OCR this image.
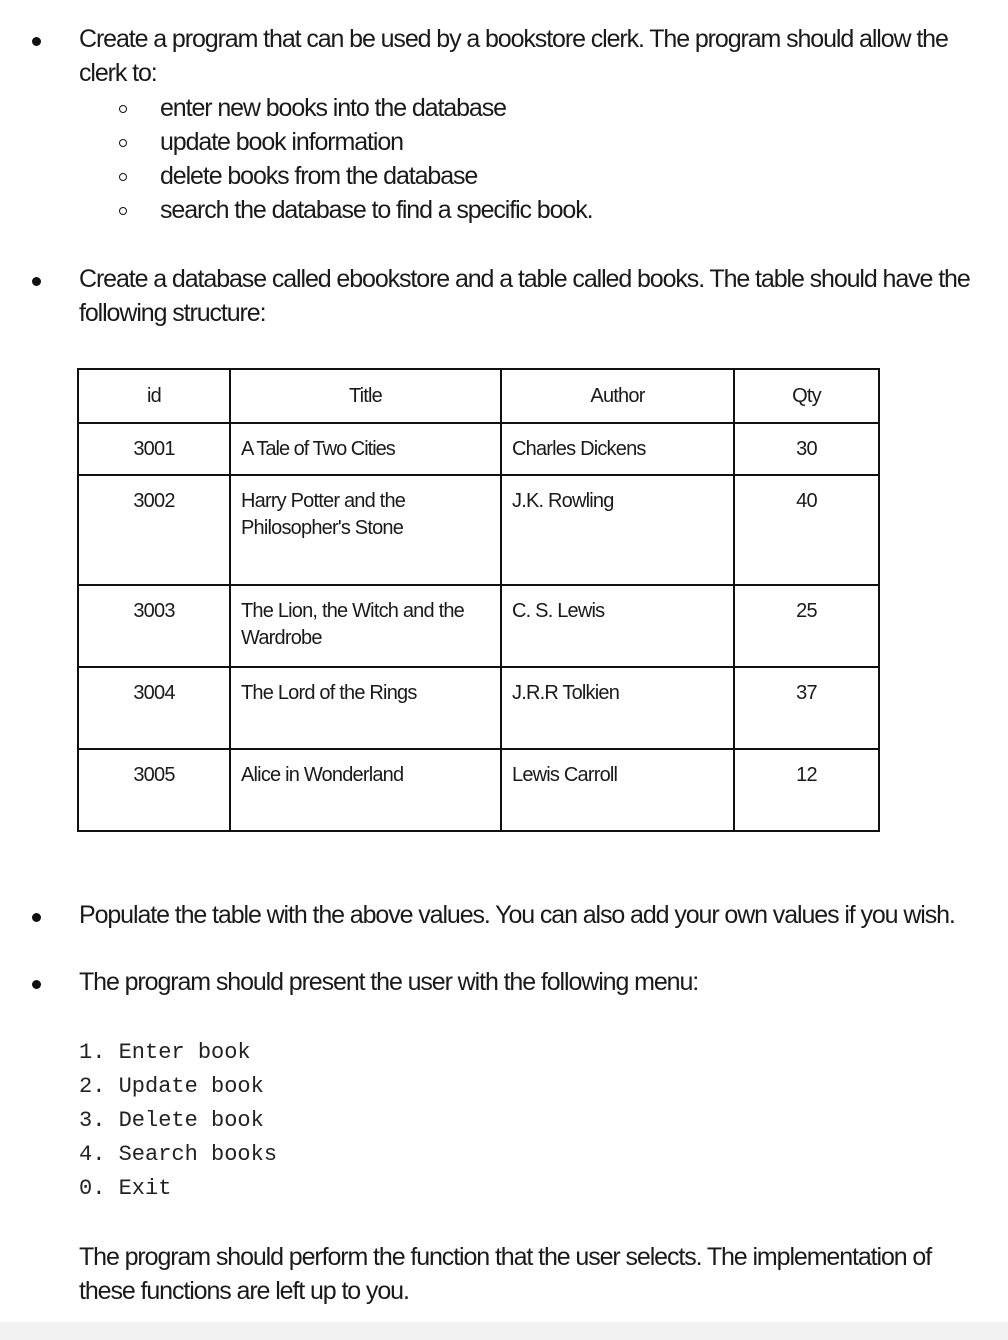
Create a program that can be used by a bookstore clerk. The program should allow the
clerk to:
enter new books into the database
update book information
delete books from the database
search the database to find a specific book.
Create a database called ebookstore and a table called books. The table should have the
following structure:
id	Title	Author	Qty
3001	A Tale of Two Cities	Charles Dickens	30
3002	Harry Potter and the Philosopher's Stone	J.K. Rowling	40
3003	The Lion, the Witch and the Wardrobe	C. S. Lewis	25
3004	The Lord of the Rings	J.R.R Tolkien	37
3005	Alice in Wonderland	Lewis Carroll	12
Populate the table with the above values. You can also add your own values if you wish.
The program should present the user with the following menu:
1. Enter book
2. Update book
3. Delete book
4. Search books
0. Exit
The program should perform the function that the user selects. The implementation of
these functions are left up to you.
